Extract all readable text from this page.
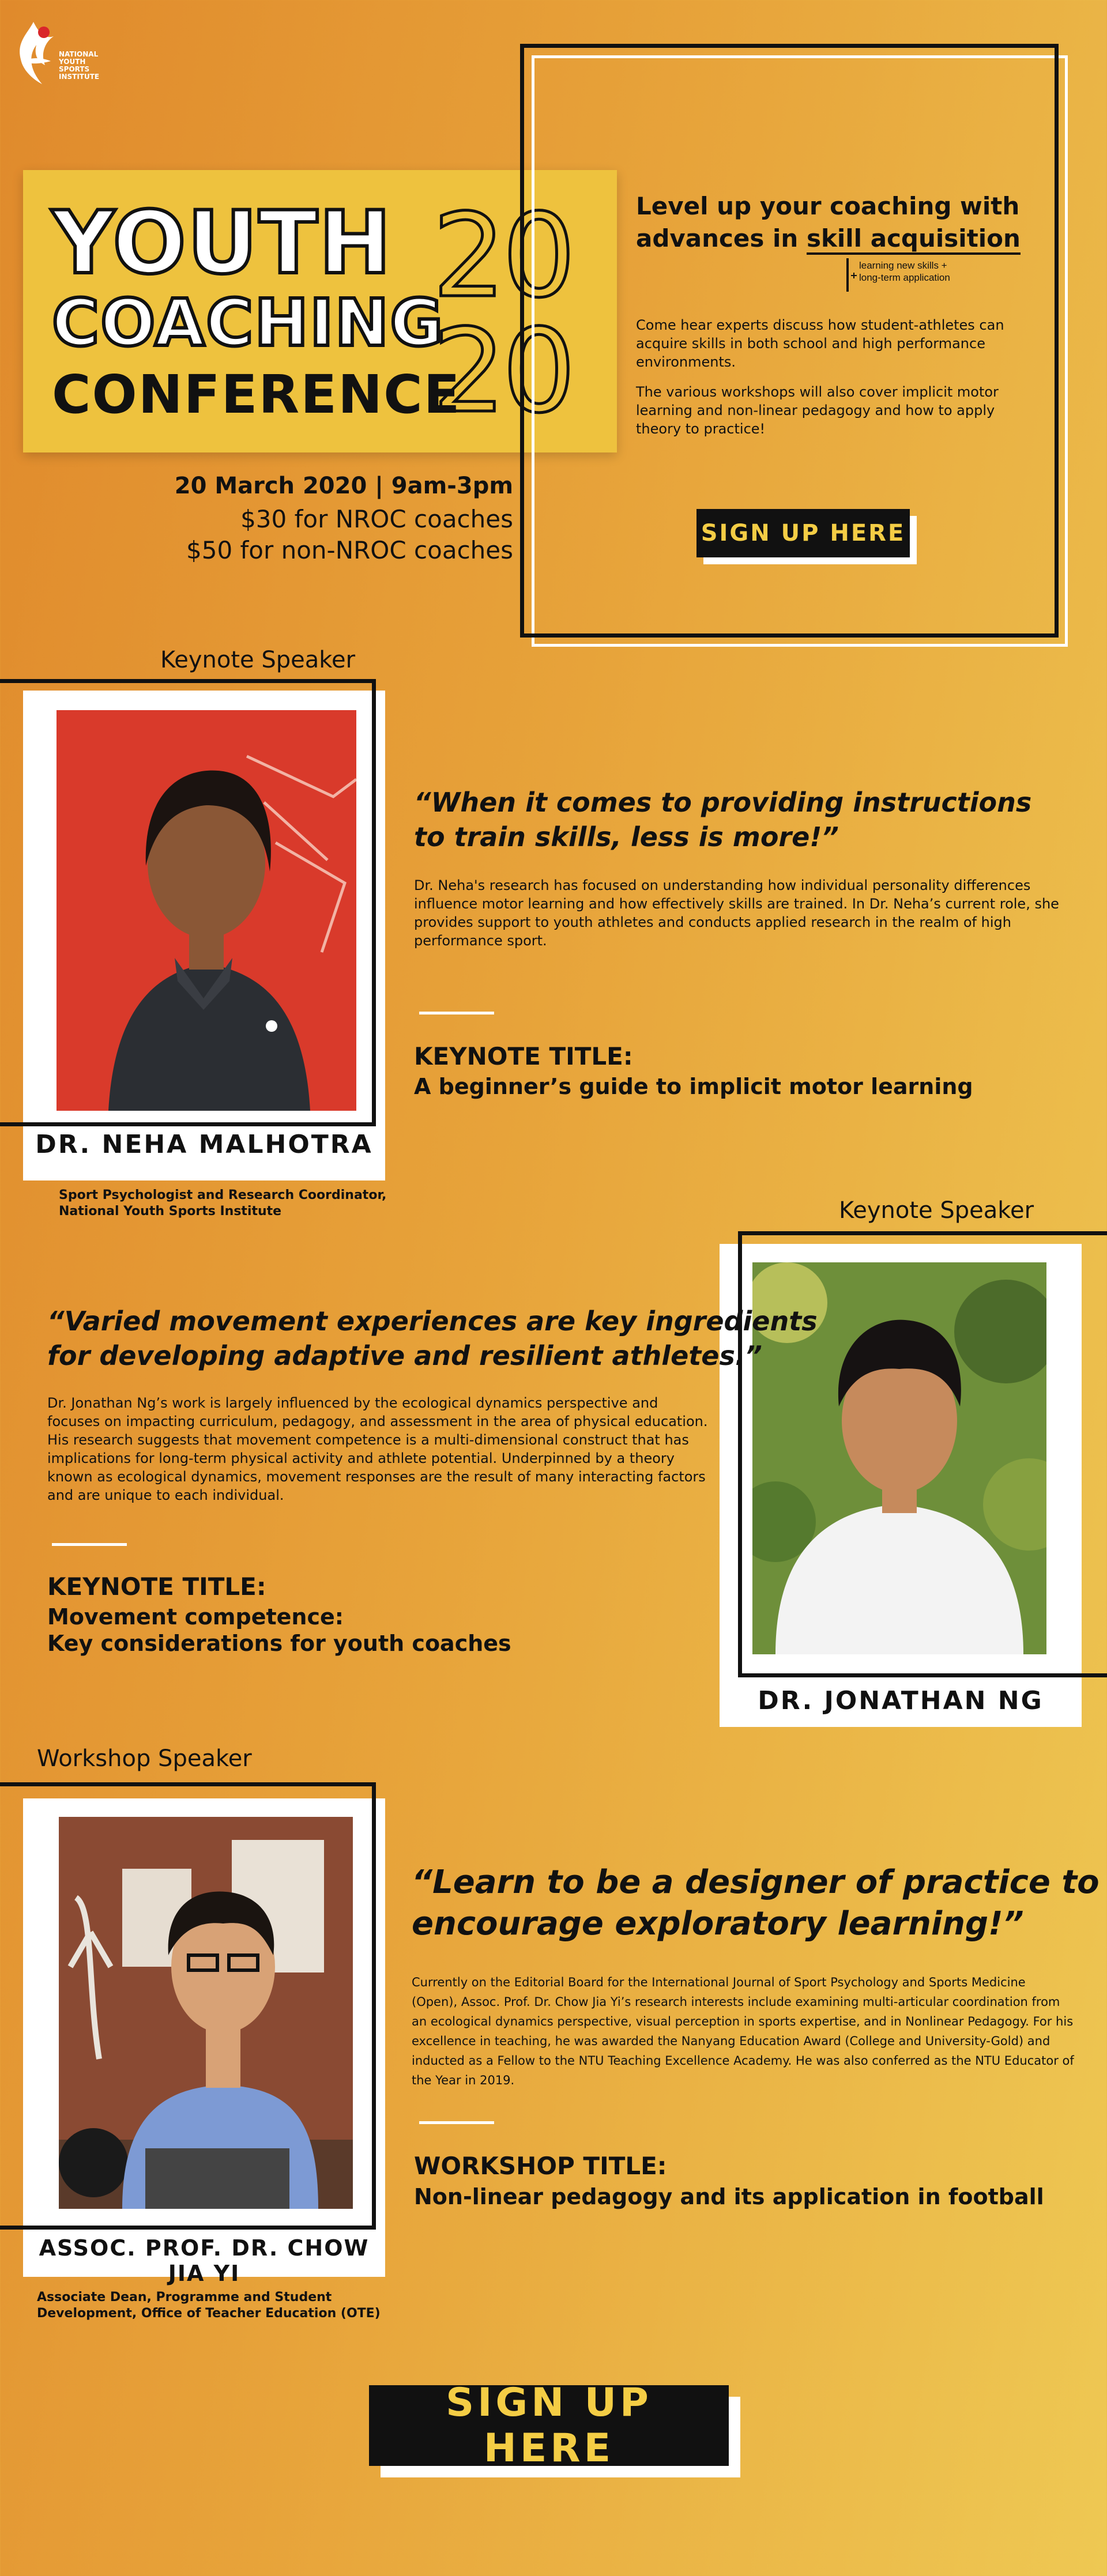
NATIONAL
YOUTH
SPORTS
INSTITUTE
YOUTH
COACHING
CONFERENCE
20
20
20 March 2020 | 9am-3pm
$30 for NROC coaches
$50 for non-NROC coaches
Level up your coaching with advances in skill acquisition
learning new skills +
long-term application
Come hear experts discuss how student-athletes can acquire skills in both school and high performance environments.
The various workshops will also cover implicit motor learning and non-linear pedagogy and how to apply theory to practice!
SIGN UP HERE
Keynote Speaker
DR. NEHA MALHOTRA
Sport Psychologist and Research Coordinator,
National Youth Sports Institute
“When it comes to providing instructions
to train skills, less is more!”
Dr. Neha's research has focused on understanding how individual personality differences influence motor learning and how effectively skills are trained. In Dr. Neha’s current role, she provides support to youth athletes and conducts applied research in the realm of high performance sport.
KEYNOTE TITLE:
A beginner’s guide to implicit motor learning
Keynote Speaker
DR. JONATHAN NG
“Varied movement experiences are key ingredients
for developing adaptive and resilient athletes.”
Dr. Jonathan Ng’s work is largely influenced by the ecological dynamics perspective and focuses on impacting curriculum, pedagogy, and assessment in the area of physical education. His research suggests that movement competence is a multi-dimensional construct that has implications for long-term physical activity and athlete potential. Underpinned by a theory known as ecological dynamics, movement responses are the result of many interacting factors and are unique to each individual.
KEYNOTE TITLE:
Movement competence:
Key considerations for youth coaches
Workshop Speaker
ASSOC. PROF. DR. CHOW JIA YI
Associate Dean, Programme and Student
Development, Office of Teacher Education (OTE)
“Learn to be a designer of practice to
encourage exploratory learning!”
Currently on the Editorial Board for the International Journal of Sport Psychology and Sports Medicine (Open), Assoc. Prof. Dr. Chow Jia Yi’s research interests include examining multi-articular coordination from an ecological dynamics perspective, visual perception in sports expertise, and in Nonlinear Pedagogy. For his excellence in teaching, he was awarded the Nanyang Education Award (College and University-Gold) and inducted as a Fellow to the NTU Teaching Excellence Academy. He was also conferred as the NTU Educator of the Year in 2019.
WORKSHOP TITLE:
Non-linear pedagogy and its application in football
SIGN UP HERE
